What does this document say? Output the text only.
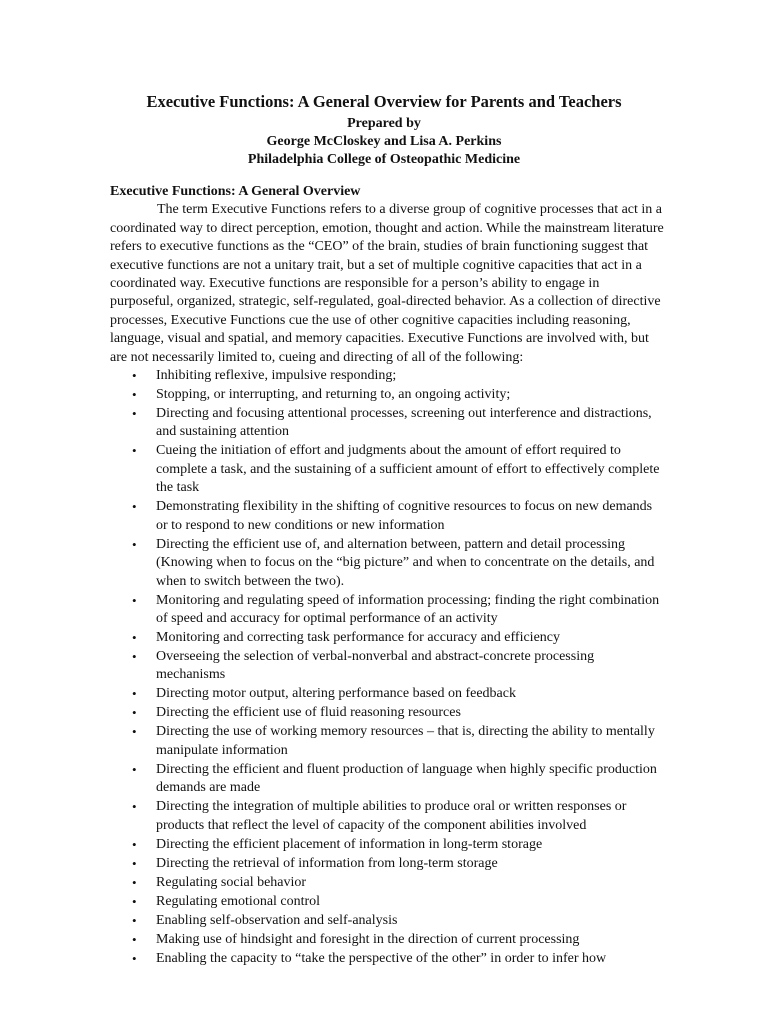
Executive Functions: A General Overview for Parents and Teachers
Prepared by
George McCloskey and Lisa A. Perkins
Philadelphia College of Osteopathic Medicine

Executive Functions: A General Overview

The term Executive Functions refers to a diverse group of cognitive processes that act in a coordinated way to direct perception, emotion, thought and action. While the mainstream literature refers to executive functions as the “CEO” of the brain, studies of brain functioning suggest that executive functions are not a unitary trait, but a set of multiple cognitive capacities that act in a coordinated way. Executive functions are responsible for a person’s ability to engage in purposeful, organized, strategic, self-regulated, goal-directed behavior. As a collection of directive processes, Executive Functions cue the use of other cognitive capacities including reasoning, language, visual and spatial, and memory capacities. Executive Functions are involved with, but are not necessarily limited to, cueing and directing of all of the following:

• Inhibiting reflexive, impulsive responding;
• Stopping, or interrupting, and returning to, an ongoing activity;
• Directing and focusing attentional processes, screening out interference and distractions, and sustaining attention
• Cueing the initiation of effort and judgments about the amount of effort required to complete a task, and the sustaining of a sufficient amount of effort to effectively complete the task
• Demonstrating flexibility in the shifting of cognitive resources to focus on new demands or to respond to new conditions or new information
• Directing the efficient use of, and alternation between, pattern and detail processing (Knowing when to focus on the “big picture” and when to concentrate on the details, and when to switch between the two).
• Monitoring and regulating speed of information processing; finding the right combination of speed and accuracy for optimal performance of an activity
• Monitoring and correcting task performance for accuracy and efficiency
• Overseeing the selection of verbal-nonverbal and abstract-concrete processing mechanisms
• Directing motor output, altering performance based on feedback
• Directing the efficient use of fluid reasoning resources
• Directing the use of working memory resources – that is, directing the ability to mentally manipulate information
• Directing the efficient and fluent production of language when highly specific production demands are made
• Directing the integration of multiple abilities to produce oral or written responses or products that reflect the level of capacity of the component abilities involved
• Directing the efficient placement of information in long-term storage
• Directing the retrieval of information from long-term storage
• Regulating social behavior
• Regulating emotional control
• Enabling self-observation and self-analysis
• Making use of hindsight and foresight in the direction of current processing
• Enabling the capacity to “take the perspective of the other” in order to infer how
